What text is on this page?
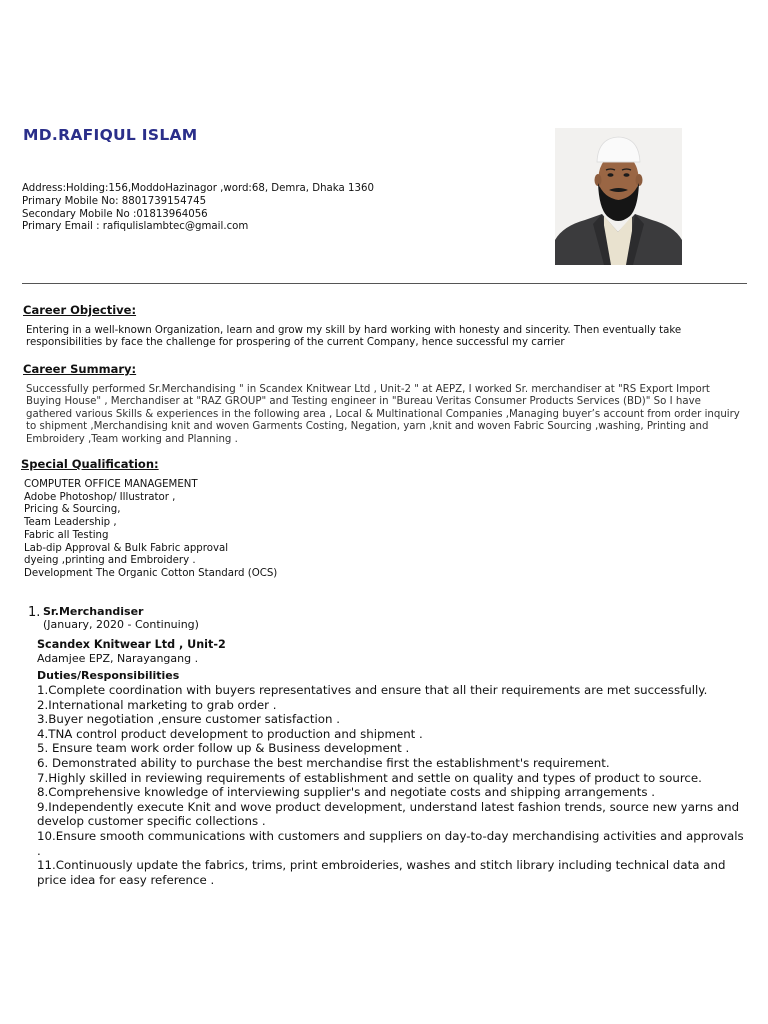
MD.RAFIQUL ISLAM
Address:Holding:156,ModdoHazinagor ,word:68, Demra, Dhaka 1360
Primary Mobile No: 8801739154745
Secondary Mobile No :01813964056
Primary Email : rafiqulislambtec@gmail.com
Career Objective:

Entering in a well-known Organization, learn and grow my skill by hard working with honesty and sincerity. Then eventually take responsibilities by face the challenge for prospering of the current Company, hence successful my carrier

Career Summary:

Successfully performed Sr.Merchandising " in Scandex Knitwear Ltd , Unit-2 " at AEPZ, I worked Sr. merchandiser at "RS Export Import Buying House" , Merchandiser at "RAZ GROUP" and Testing engineer in "Bureau Veritas Consumer Products Services (BD)" So I have gathered various Skills & experiences in the following area , Local & Multinational Companies ,Managing buyer’s account from order inquiry to shipment ,Merchandising knit and woven Garments Costing, Negation, yarn ,knit and woven Fabric Sourcing ,washing, Printing and Embroidery ,Team working and Planning .

Special Qualification:
COMPUTER OFFICE MANAGEMENT
Adobe Photoshop/ Illustrator ,
Pricing & Sourcing,
Team Leadership ,
Fabric all Testing
Lab-dip Approval & Bulk Fabric approval
dyeing ,printing and Embroidery .
Development The Organic Cotton Standard (OCS)
1. Sr.Merchandiser
(January, 2020 - Continuing)
Scandex Knitwear Ltd , Unit-2
Adamjee EPZ, Narayangang .
Duties/Responsibilities
1.Complete coordination with buyers representatives and ensure that all their requirements are met successfully.
2.International marketing to grab order .
3.Buyer negotiation ,ensure customer satisfaction .
4.TNA control product development to production and shipment .
5. Ensure team work order follow up & Business development .
6. Demonstrated ability to purchase the best merchandise first the establishment's requirement.
7.Highly skilled in reviewing requirements of establishment and settle on quality and types of product to source.
8.Comprehensive knowledge of interviewing supplier's and negotiate costs and shipping arrangements .
9.Independently execute Knit and wove product development, understand latest fashion trends, source new yarns and develop customer specific collections .
10.Ensure smooth communications with customers and suppliers on day-to-day merchandising activities and approvals .
11.Continuously update the fabrics, trims, print embroideries, washes and stitch library including technical data and price idea for easy reference .
